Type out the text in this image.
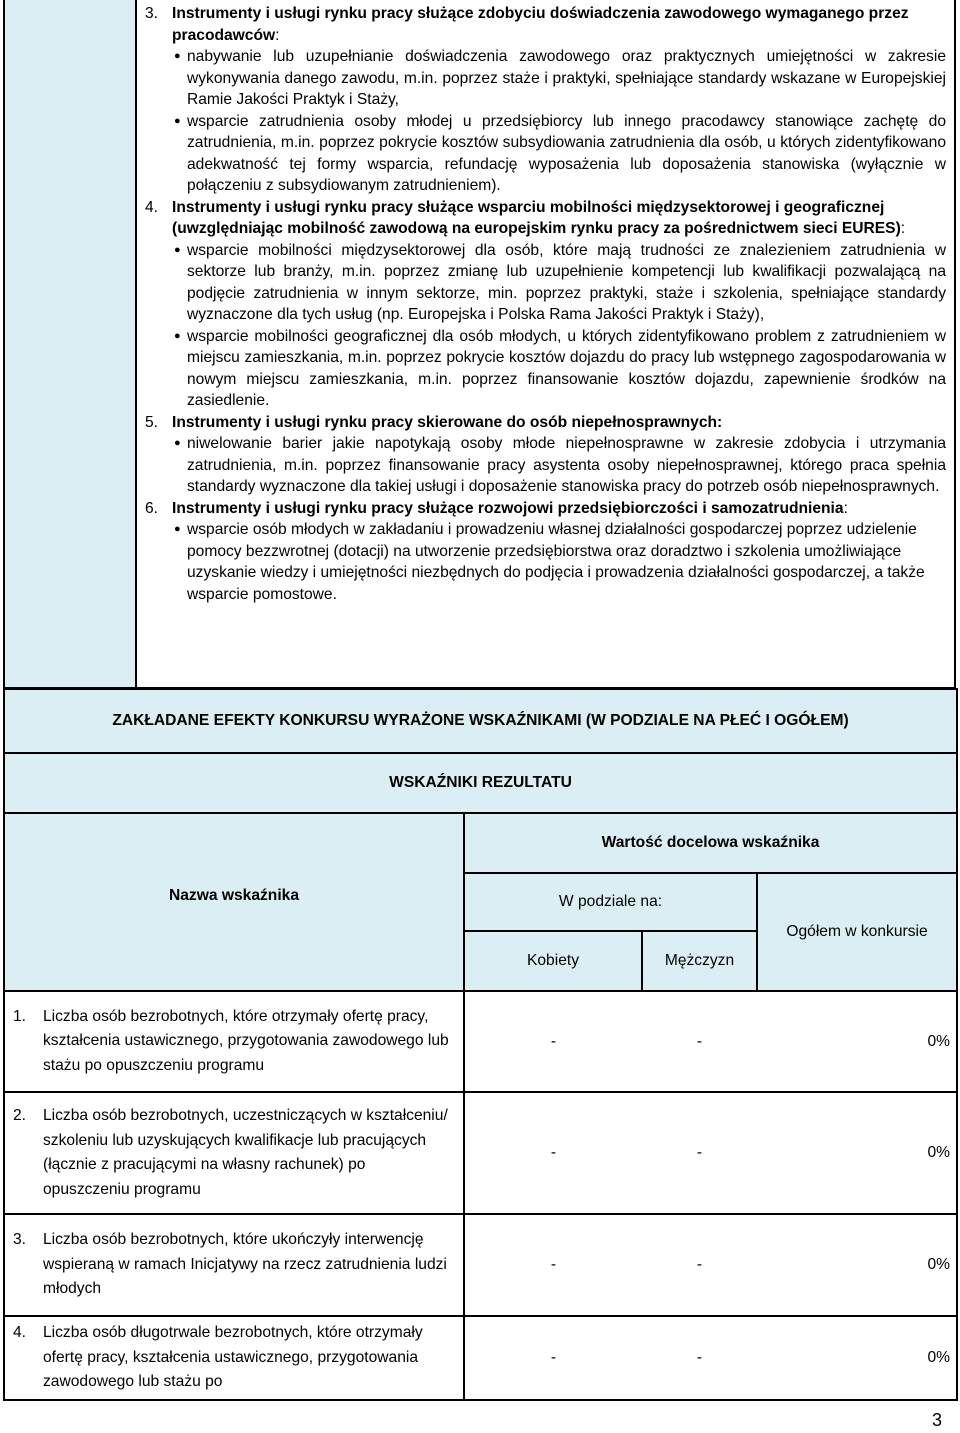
3. Instrumenty i usługi rynku pracy służące zdobyciu doświadczenia zawodowego wymaganego przez pracodawców:
● nabywanie lub uzupełnianie doświadczenia zawodowego oraz praktycznych umiejętności w zakresie wykonywania danego zawodu, m.in. poprzez staże i praktyki, spełniające standardy wskazane w Europejskiej Ramie Jakości Praktyk i Staży,
● wsparcie zatrudnienia osoby młodej u przedsiębiorcy lub innego pracodawcy stanowiące zachętę do zatrudnienia, m.in. poprzez pokrycie kosztów subsydiowania zatrudnienia dla osób, u których zidentyfikowano adekwatność tej formy wsparcia, refundację wyposażenia lub doposażenia stanowiska (wyłącznie w połączeniu z subsydiowanym zatrudnieniem).
4. Instrumenty i usługi rynku pracy służące wsparciu mobilności międzysektorowej i geograficznej (uwzględniając mobilność zawodową na europejskim rynku pracy za pośrednictwem sieci EURES):
● wsparcie mobilności międzysektorowej dla osób, które mają trudności ze znalezieniem zatrudnienia w sektorze lub branży, m.in. poprzez zmianę lub uzupełnienie kompetencji lub kwalifikacji pozwalającą na podjęcie zatrudnienia w innym sektorze, min. poprzez praktyki, staże i szkolenia, spełniające standardy wyznaczone dla tych usług (np. Europejska i Polska Rama Jakości Praktyk i Staży),
● wsparcie mobilności geograficznej dla osób młodych, u których zidentyfikowano problem z zatrudnieniem w miejscu zamieszkania, m.in. poprzez pokrycie kosztów dojazdu do pracy lub wstępnego zagospodarowania w nowym miejscu zamieszkania, m.in. poprzez finansowanie kosztów dojazdu, zapewnienie środków na zasiedlenie.
5. Instrumenty i usługi rynku pracy skierowane do osób niepełnosprawnych:
● niwelowanie barier jakie napotykają osoby młode niepełnosprawne w zakresie zdobycia i utrzymania zatrudnienia, m.in. poprzez finansowanie pracy asystenta osoby niepełnosprawnej, którego praca spełnia standardy wyznaczone dla takiej usługi i doposażenie stanowiska pracy do potrzeb osób niepełnosprawnych.
6. Instrumenty i usługi rynku pracy służące rozwojowi przedsiębiorczości i samozatrudnienia:
● wsparcie osób młodych w zakładaniu i prowadzeniu własnej działalności gospodarczej poprzez udzielenie pomocy bezzwrotnej (dotacji) na utworzenie przedsiębiorstwa oraz doradztwo i szkolenia umożliwiające uzyskanie wiedzy i umiejętności niezbędnych do podjęcia i prowadzenia działalności gospodarczej, a także wsparcie pomostowe.
ZAKŁADANE EFEKTY KONKURSU WYRAŻONE WSKAŹNIKAMI (W PODZIALE NA PŁEĆ I OGÓŁEM)			
WSKAŹNIKI REZULTATU			
	Wartość docelowa wskaźnika		
Nazwa wskaźnika	W podziale na:		Ogółem w konkursie
	Kobiety	Mężczyzn	

1. Liczba osób bezrobotnych, które otrzymały ofertę pracy, kształcenia ustawicznego, przygotowania zawodowego lub stażu po opuszczeniu programu	-	-	0%

2. Liczba osób bezrobotnych, uczestniczących w kształceniu/ szkoleniu lub uzyskujących kwalifikacje lub pracujących (łącznie z pracującymi na własny rachunek) po opuszczeniu programu	-	-	0%

3. Liczba osób bezrobotnych, które ukończyły interwencję wspieraną w ramach Inicjatywy na rzecz zatrudnienia ludzi młodych	-	-	0%

4. Liczba osób długotrwale bezrobotnych, które otrzymały ofertę pracy, kształcenia ustawicznego, przygotowania zawodowego lub stażu po	-	-	0%
3
